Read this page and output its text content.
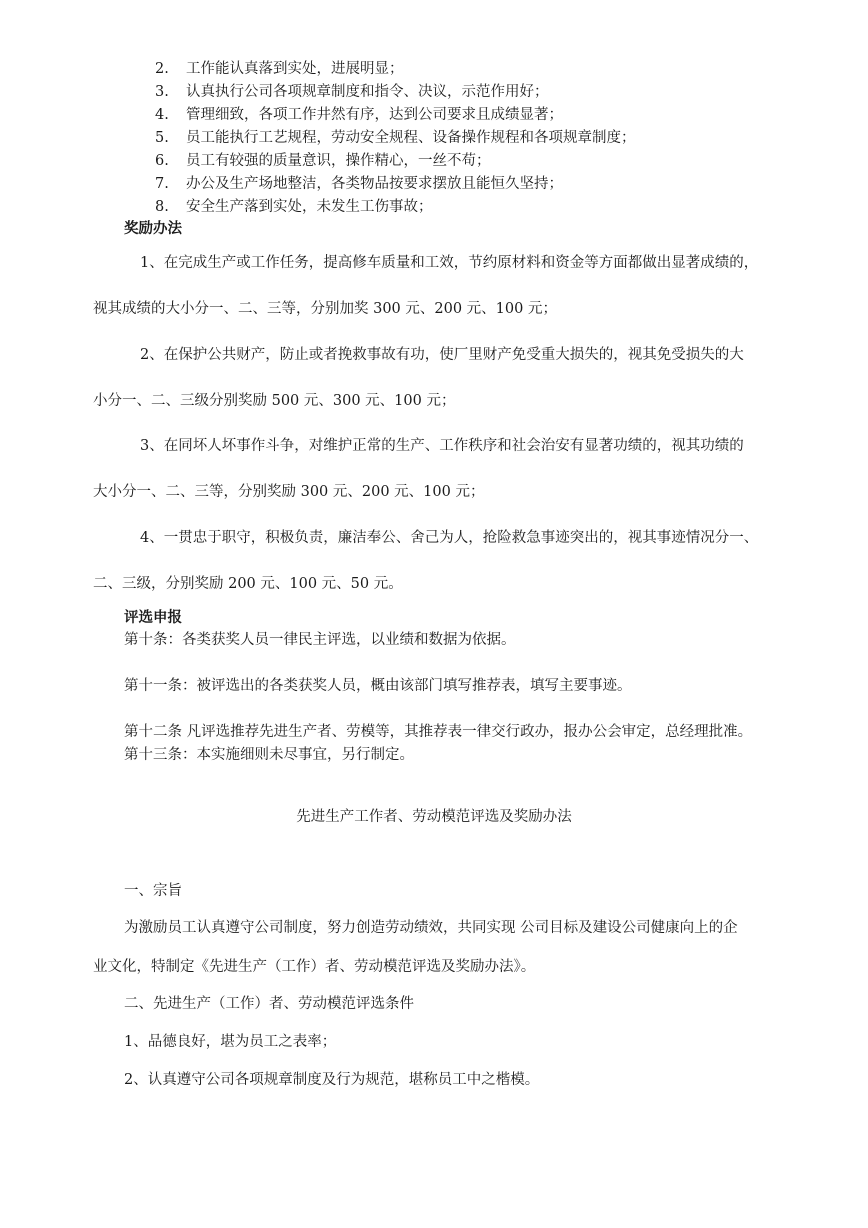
2. 工作能认真落到实处，进展明显；
3. 认真执行公司各项规章制度和指令、决议，示范作用好；
4. 管理细致，各项工作井然有序，达到公司要求且成绩显著；
5. 员工能执行工艺规程，劳动安全规程、设备操作规程和各项规章制度；
6. 员工有较强的质量意识，操作精心，一丝不苟；
7. 办公及生产场地整洁，各类物品按要求摆放且能恒久坚持；
8. 安全生产落到实处，未发生工伤事故；
奖励办法
1、在完成生产或工作任务，提高修车质量和工效，节约原材料和资金等方面都做出显著成绩的，
视其成绩的大小分一、二、三等，分别加奖 300 元、200 元、100 元；
2、在保护公共财产，防止或者挽救事故有功，使厂里财产免受重大损失的，视其免受损失的大
小分一、二、三级分别奖励 500 元、300 元、100 元；
3、在同坏人坏事作斗争，对维护正常的生产、工作秩序和社会治安有显著功绩的，视其功绩的
大小分一、二、三等，分别奖励 300 元、200 元、100 元；
4、一贯忠于职守，积极负责，廉洁奉公、舍己为人，抢险救急事迹突出的，视其事迹情况分一、
二、三级，分别奖励 200 元、100 元、50 元。
评选申报
第十条：各类获奖人员一律民主评选，以业绩和数据为依据。
第十一条：被评选出的各类获奖人员，概由该部门填写推荐表，填写主要事迹。
第十二条 凡评选推荐先进生产者、劳模等，其推荐表一律交行政办，报办公会审定，总经理批准。
第十三条：本实施细则未尽事宜，另行制定。
先进生产工作者、劳动模范评选及奖励办法
一、宗旨
为激励员工认真遵守公司制度，努力创造劳动绩效，共同实现 公司目标及建设公司健康向上的企
业文化，特制定《先进生产（工作）者、劳动模范评选及奖励办法》。
二、先进生产（工作）者、劳动模范评选条件
1、品德良好，堪为员工之表率；
2、认真遵守公司各项规章制度及行为规范，堪称员工中之楷模。
